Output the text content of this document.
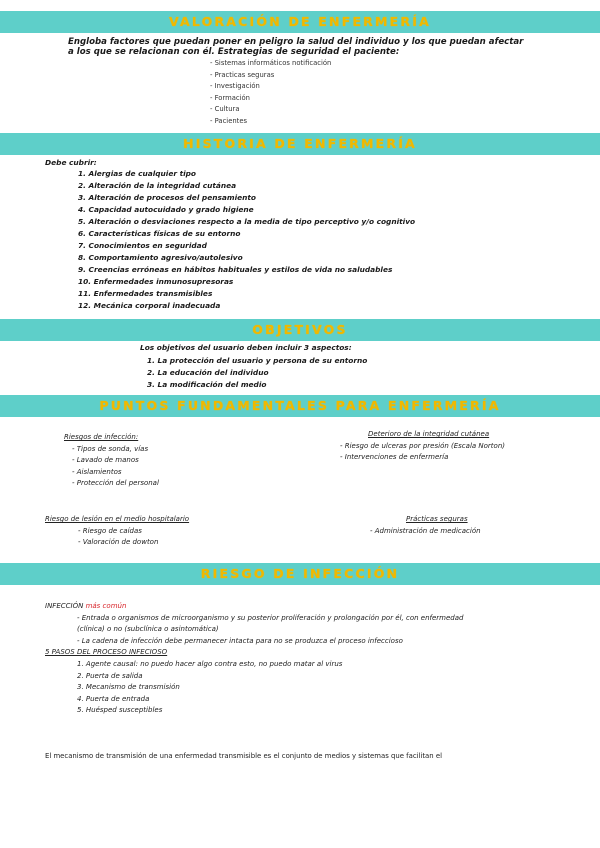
VALORACIÓN DE ENFERMERÍA
Engloba factores que puedan poner en peligro la salud del individuo y los que puedan afectar
a los que se relacionan con él. Estrategias de seguridad el paciente:
- Sistemas informáticos notificación
- Practicas seguras
- Investigación
- Formación
- Cultura
- Pacientes
HISTORIA DE ENFERMERÍA
Debe cubrir:
1. Alergias de cualquier tipo
2. Alteración de la integridad cutánea
3. Alteración de procesos del pensamiento
4. Capacidad autocuidado y grado higiene
5. Alteración o desviaciones respecto a la media de tipo perceptivo y/o cognitivo
6. Características físicas de su entorno
7. Conocimientos en seguridad
8. Comportamiento agresivo/autolesivo
9. Creencias erróneas en hábitos habituales y estilos de vida no saludables
10. Enfermedades inmunosupresoras
11. Enfermedades transmisibles
12. Mecánica corporal inadecuada
OBJETIVOS
Los objetivos del usuario deben incluir 3 aspectos:
1. La protección del usuario y persona de su entorno
2. La educación del individuo
3. La modificación del medio
PUNTOS FUNDAMENTALES PARA ENFERMERÍA
Riesgos de infección:
- Tipos de sonda, vías
- Lavado de manos
- Aislamientos
- Protección del personal
Deterioro de la integridad cutánea
- Riesgo de ulceras por presión (Escala Norton)
- Intervenciones de enfermería
Riesgo de lesión en el medio hospitalario
- Riesgo de caídas
- Valoración de dowton
Prácticas seguras
- Administración de medicación
RIESGO DE INFECCIÓN
INFECCIÓN más común
- Entrada o organismos de microorganismo y su posterior proliferación y prolongación por él, con enfermedad
(clínica) o no (subclínica o asintomática)
- La cadena de infección debe permanecer intacta para no se produzca el proceso infeccioso
5 PASOS DEL PROCESO INFECIOSO
1. Agente causal: no puedo hacer algo contra esto, no puedo matar al virus
2. Puerta de salida
3. Mecanismo de transmisión
4. Puerta de entrada
5. Huésped susceptibles
El mecanismo de transmisión de una enfermedad transmisible es el conjunto de medios y sistemas que facilitan el
